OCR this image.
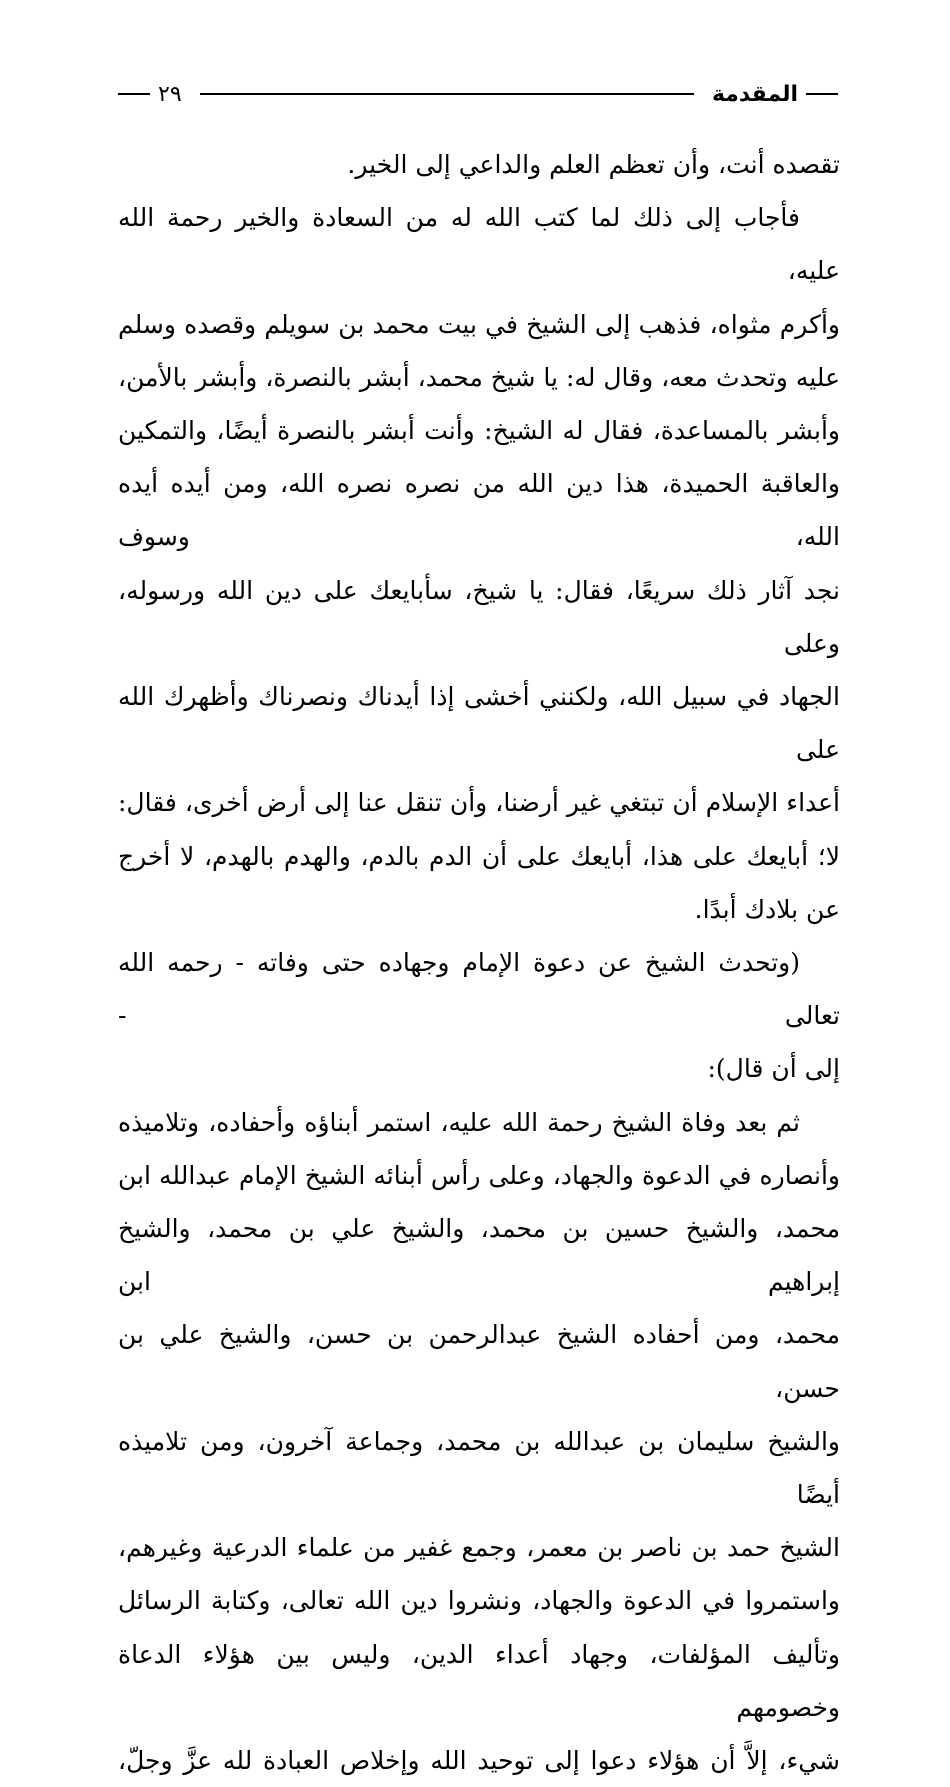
المقدمة
٢٩

تقصده أنت، وأن تعظم العلم والداعي إلى الخير.

فأجاب إلى ذلك لما كتب الله له من السعادة والخير رحمة الله عليه،

وأكرم مثواه، فذهب إلى الشيخ في بيت محمد بن سويلم وقصده وسلم

عليه وتحدث معه، وقال له: يا شيخ محمد، أبشر بالنصرة، وأبشر بالأمن،

وأبشر بالمساعدة، فقال له الشيخ: وأنت أبشر بالنصرة أيضًا، والتمكين

والعاقبة الحميدة، هذا دين الله من نصره نصره الله، ومن أيده أيده الله، وسوف

نجد آثار ذلك سريعًا، فقال: يا شيخ، سأبايعك على دين الله ورسوله، وعلى

الجهاد في سبيل الله، ولكنني أخشى إذا أيدناك ونصرناك وأظهرك الله على

أعداء الإسلام أن تبتغي غير أرضنا، وأن تنقل عنا إلى أرض أخرى، فقال:

لا؛ أبايعك على هذا، أبايعك على أن الدم بالدم، والهدم بالهدم، لا أخرج

عن بلادك أبدًا.

(وتحدث الشيخ عن دعوة الإمام وجهاده حتى وفاته - رحمه الله تعالى -

إلى أن قال):

ثم بعد وفاة الشيخ رحمة الله عليه، استمر أبناؤه وأحفاده، وتلاميذه

وأنصاره في الدعوة والجهاد، وعلى رأس أبنائه الشيخ الإمام عبدالله ابن

محمد، والشيخ حسين بن محمد، والشيخ علي بن محمد، والشيخ إبراهيم ابن

محمد، ومن أحفاده الشيخ عبدالرحمن بن حسن، والشيخ علي بن حسن،

والشيخ سليمان بن عبدالله بن محمد، وجماعة آخرون، ومن تلاميذه أيضًا

الشيخ حمد بن ناصر بن معمر، وجمع غفير من علماء الدرعية وغيرهم،

واستمروا في الدعوة والجهاد، ونشروا دين الله تعالى، وكتابة الرسائل

وتأليف المؤلفات، وجهاد أعداء الدين، وليس بين هؤلاء الدعاة وخصومهم

شيء، إلاَّ أن هؤلاء دعوا إلى توحيد الله وإخلاص العبادة لله عزَّ وجلّ،
